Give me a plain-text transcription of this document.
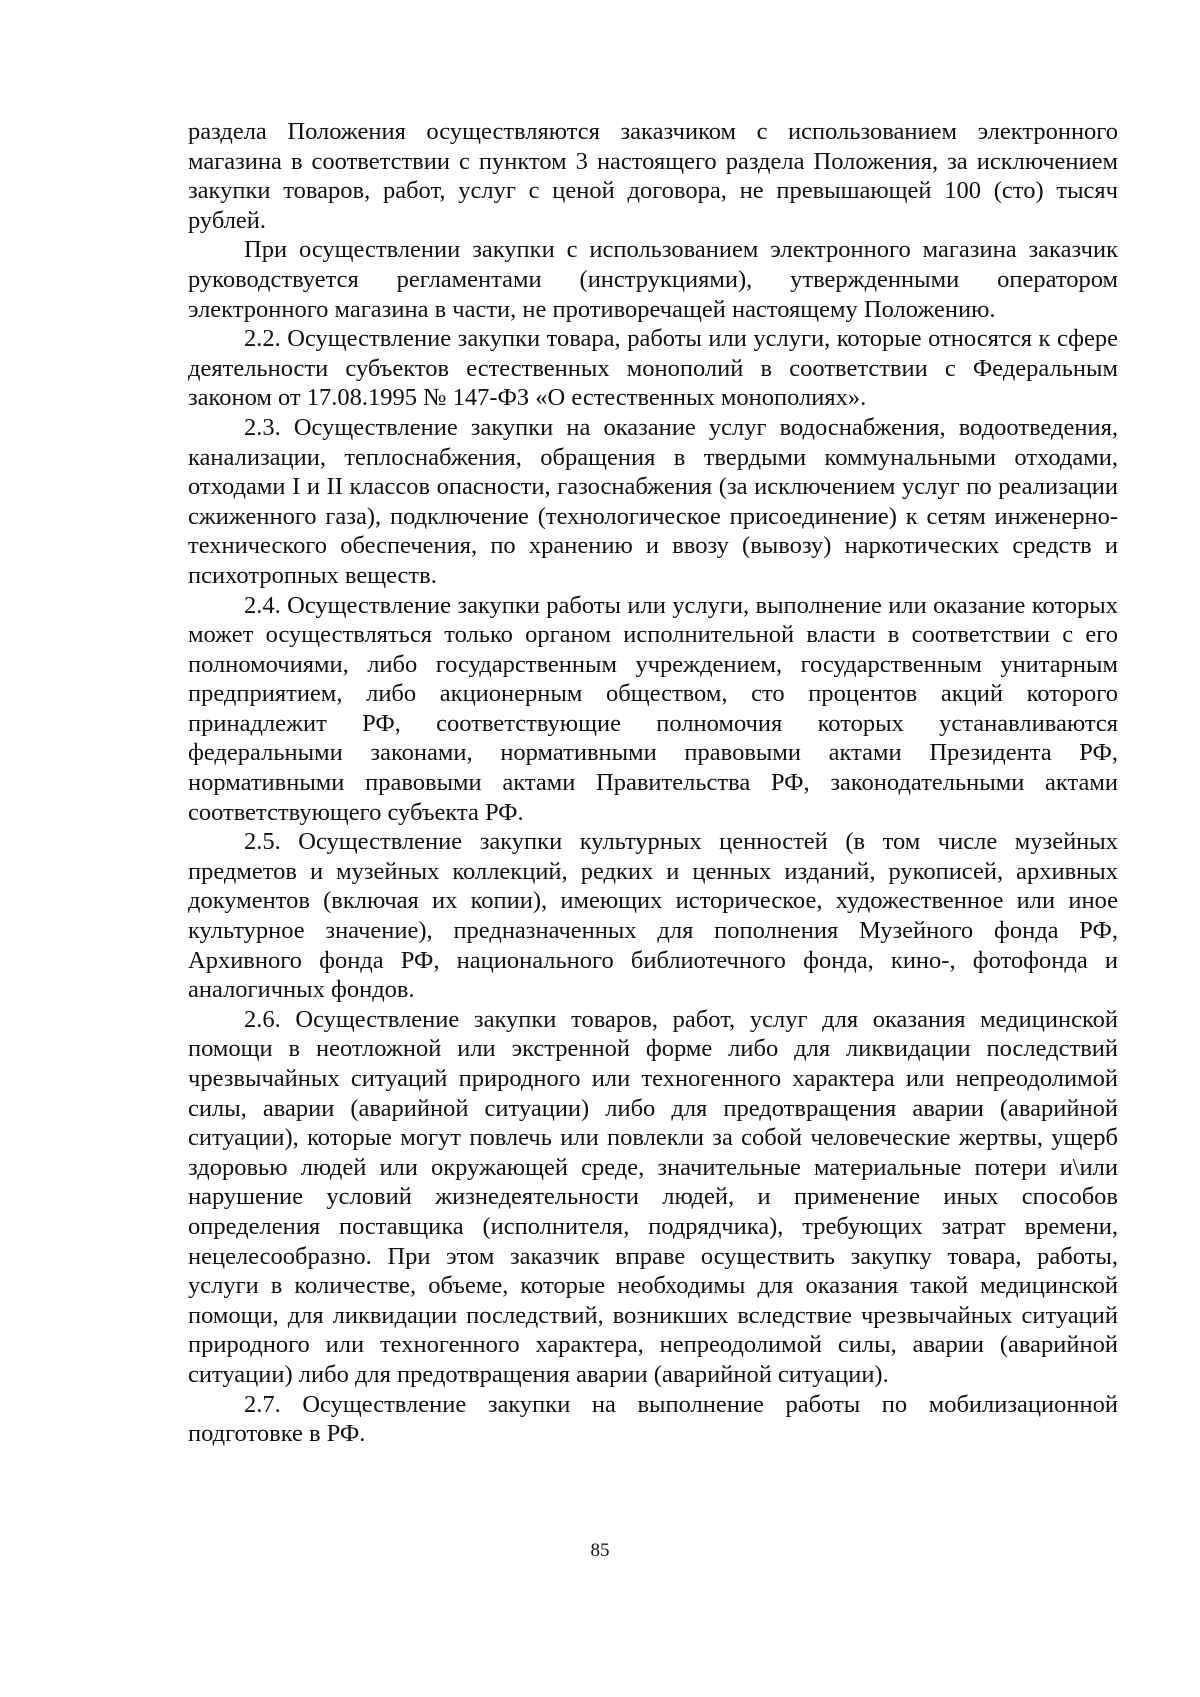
раздела Положения осуществляются заказчиком с использованием электронного магазина в соответствии с пунктом 3 настоящего раздела Положения, за исключением закупки товаров, работ, услуг с ценой договора, не превышающей 100 (сто) тысяч рублей.

При осуществлении закупки с использованием электронного магазина заказчик руководствуется регламентами (инструкциями), утвержденными оператором электронного магазина в части, не противоречащей настоящему Положению.

2.2. Осуществление закупки товара, работы или услуги, которые относятся к сфере деятельности субъектов естественных монополий в соответствии с Федеральным законом от 17.08.1995 № 147-ФЗ «О естественных монополиях».

2.3. Осуществление закупки на оказание услуг водоснабжения, водоотведения, канализации, теплоснабжения, обращения в твердыми коммунальными отходами, отходами I и II классов опасности, газоснабжения (за исключением услуг по реализации сжиженного газа), подключение (технологическое присоединение) к сетям инженерно-технического обеспечения, по хранению и ввозу (вывозу) наркотических средств и психотропных веществ.

2.4. Осуществление закупки работы или услуги, выполнение или оказание которых может осуществляться только органом исполнительной власти в соответствии с его полномочиями, либо государственным учреждением, государственным унитарным предприятием, либо акционерным обществом, сто процентов акций которого принадлежит РФ, соответствующие полномочия которых устанавливаются федеральными законами, нормативными правовыми актами Президента РФ, нормативными правовыми актами Правительства РФ, законодательными актами соответствующего субъекта РФ.

2.5. Осуществление закупки культурных ценностей (в том числе музейных предметов и музейных коллекций, редких и ценных изданий, рукописей, архивных документов (включая их копии), имеющих историческое, художественное или иное культурное значение), предназначенных для пополнения Музейного фонда РФ, Архивного фонда РФ, национального библиотечного фонда, кино-, фотофонда и аналогичных фондов.

2.6. Осуществление закупки товаров, работ, услуг для оказания медицинской помощи в неотложной или экстренной форме либо для ликвидации последствий чрезвычайных ситуаций природного или техногенного характера или непреодолимой силы, аварии (аварийной ситуации) либо для предотвращения аварии (аварийной ситуации), которые могут повлечь или повлекли за собой человеческие жертвы, ущерб здоровью людей или окружающей среде, значительные материальные потери и\или нарушение условий жизнедеятельности людей, и применение иных способов определения поставщика (исполнителя, подрядчика), требующих затрат времени, нецелесообразно. При этом заказчик вправе осуществить закупку товара, работы, услуги в количестве, объеме, которые необходимы для оказания такой медицинской помощи, для ликвидации последствий, возникших вследствие чрезвычайных ситуаций природного или техногенного характера, непреодолимой силы, аварии (аварийной ситуации) либо для предотвращения аварии (аварийной ситуации).

2.7. Осуществление закупки на выполнение работы по мобилизационной подготовке в РФ.

85
